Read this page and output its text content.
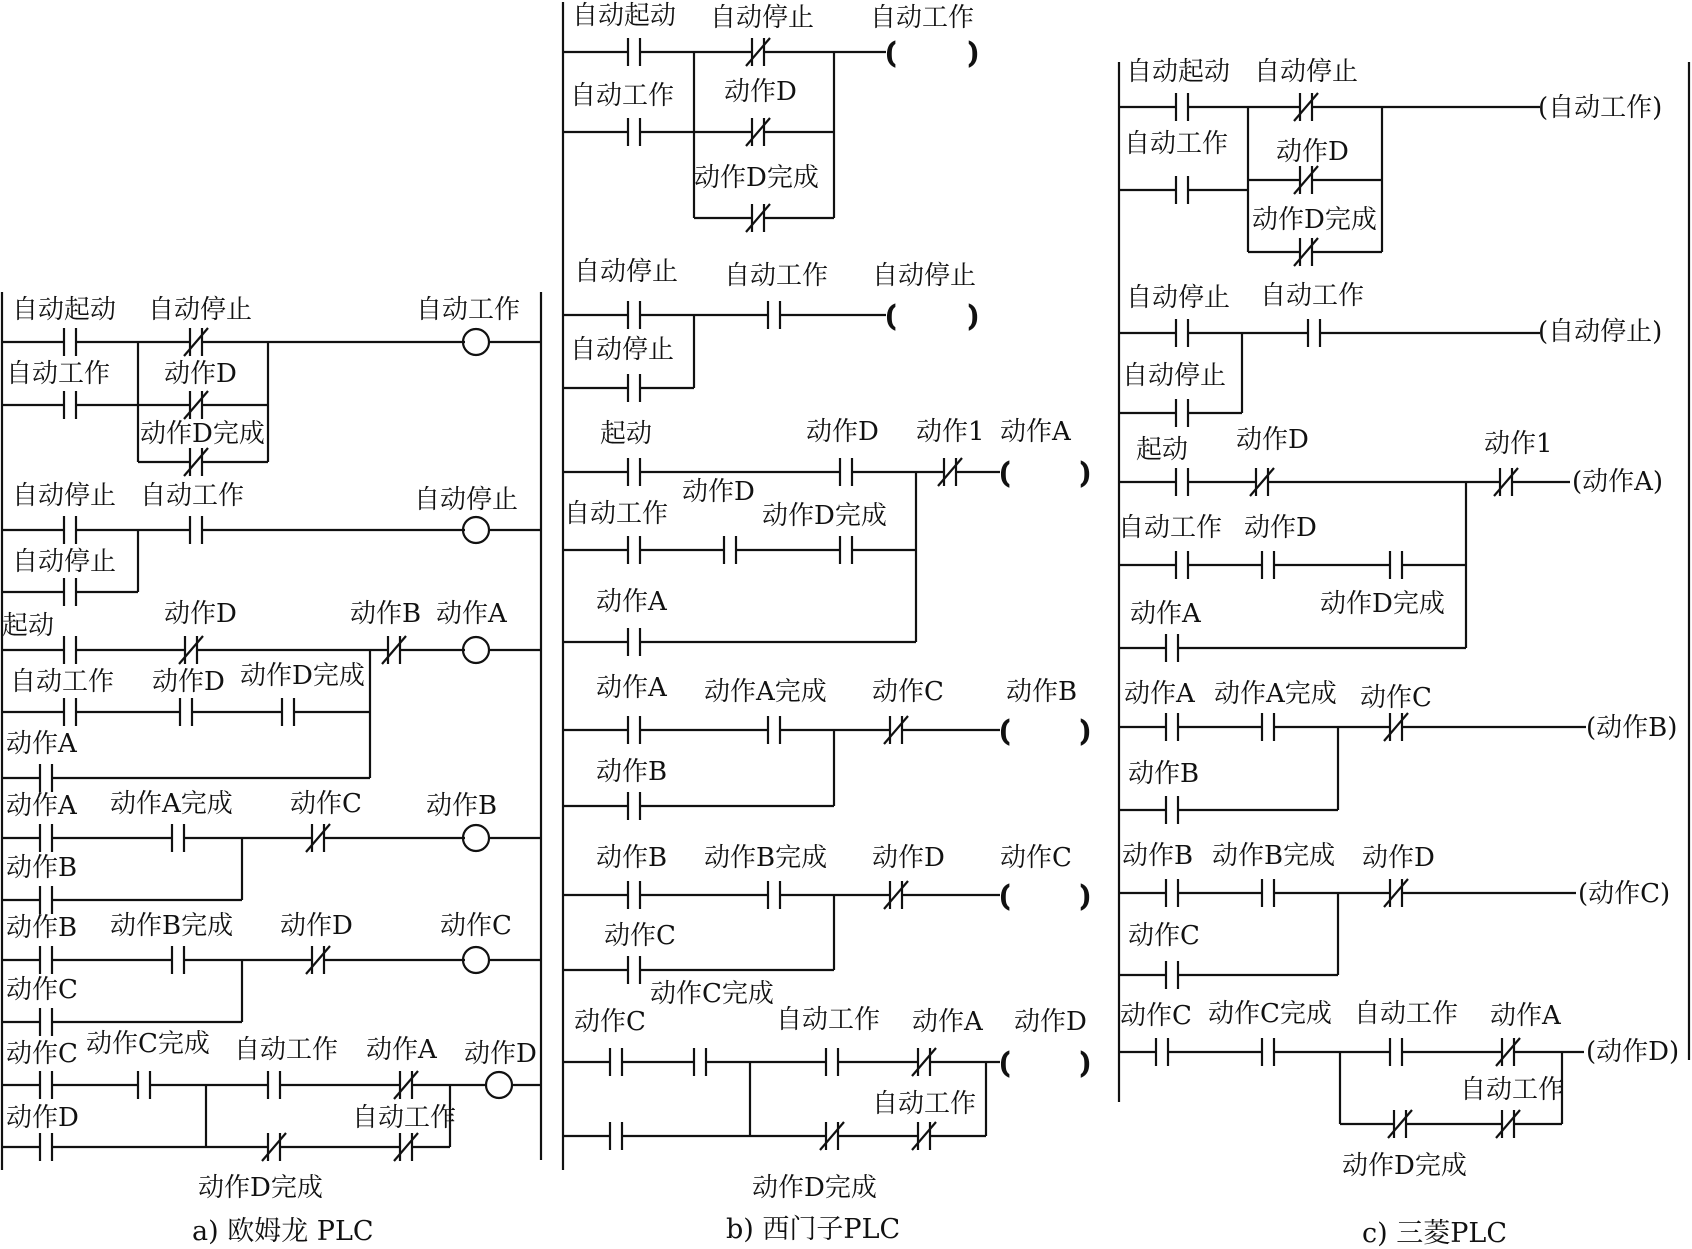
(	)
(	)
(	)
(	)
(	)
(	)
自动起动 自动停止	自动工作
自动工作 动作D
动作D完成
自动停止 自动工作	自动停止
自动停止
起动	动作D	动作B 动作A
自动工作 动作D 动作D完成
动作A
动作A 动作A完成 动作C 动作B
动作B
动作B 动作B完成 动作D	动作C
动作C
动作C 动作C完成 自动工作 动作A 动作D
动作D	自动工作
动作D完成
自动起动 自动停止 自动工作
自动工作 动作D
动作D完成
自动停止 自动工作 自动停止
自动停止
起动	动作D 动作1 动作A
自动工作
动作D
动作D完成
动作A
动作A 动作A完成 动作C 动作B
动作B
动作B 动作B完成 动作D 动作C
动作C
动作C完成
动作C	自动工作 动作A 动作D
自动工作
动作D完成
自动起动 自动停止
(自动工作)
自动工作 动作D
动作D完成
自动停止 自动工作
(自动停止)
自动停止
起动 动作D	动作1
(动作A)
自动工作 动作D
动作D完成
动作A
动作A 动作A完成 动作C
(动作B)
动作B
动作B 动作B完成 动作D
(动作C)
动作C
动作C 动作C完成 自动工作 动作A
(动作D)
自动工作
动作D完成
a) 欧姆龙 PLC	b) 西门子PLC	c) 三菱PLC
